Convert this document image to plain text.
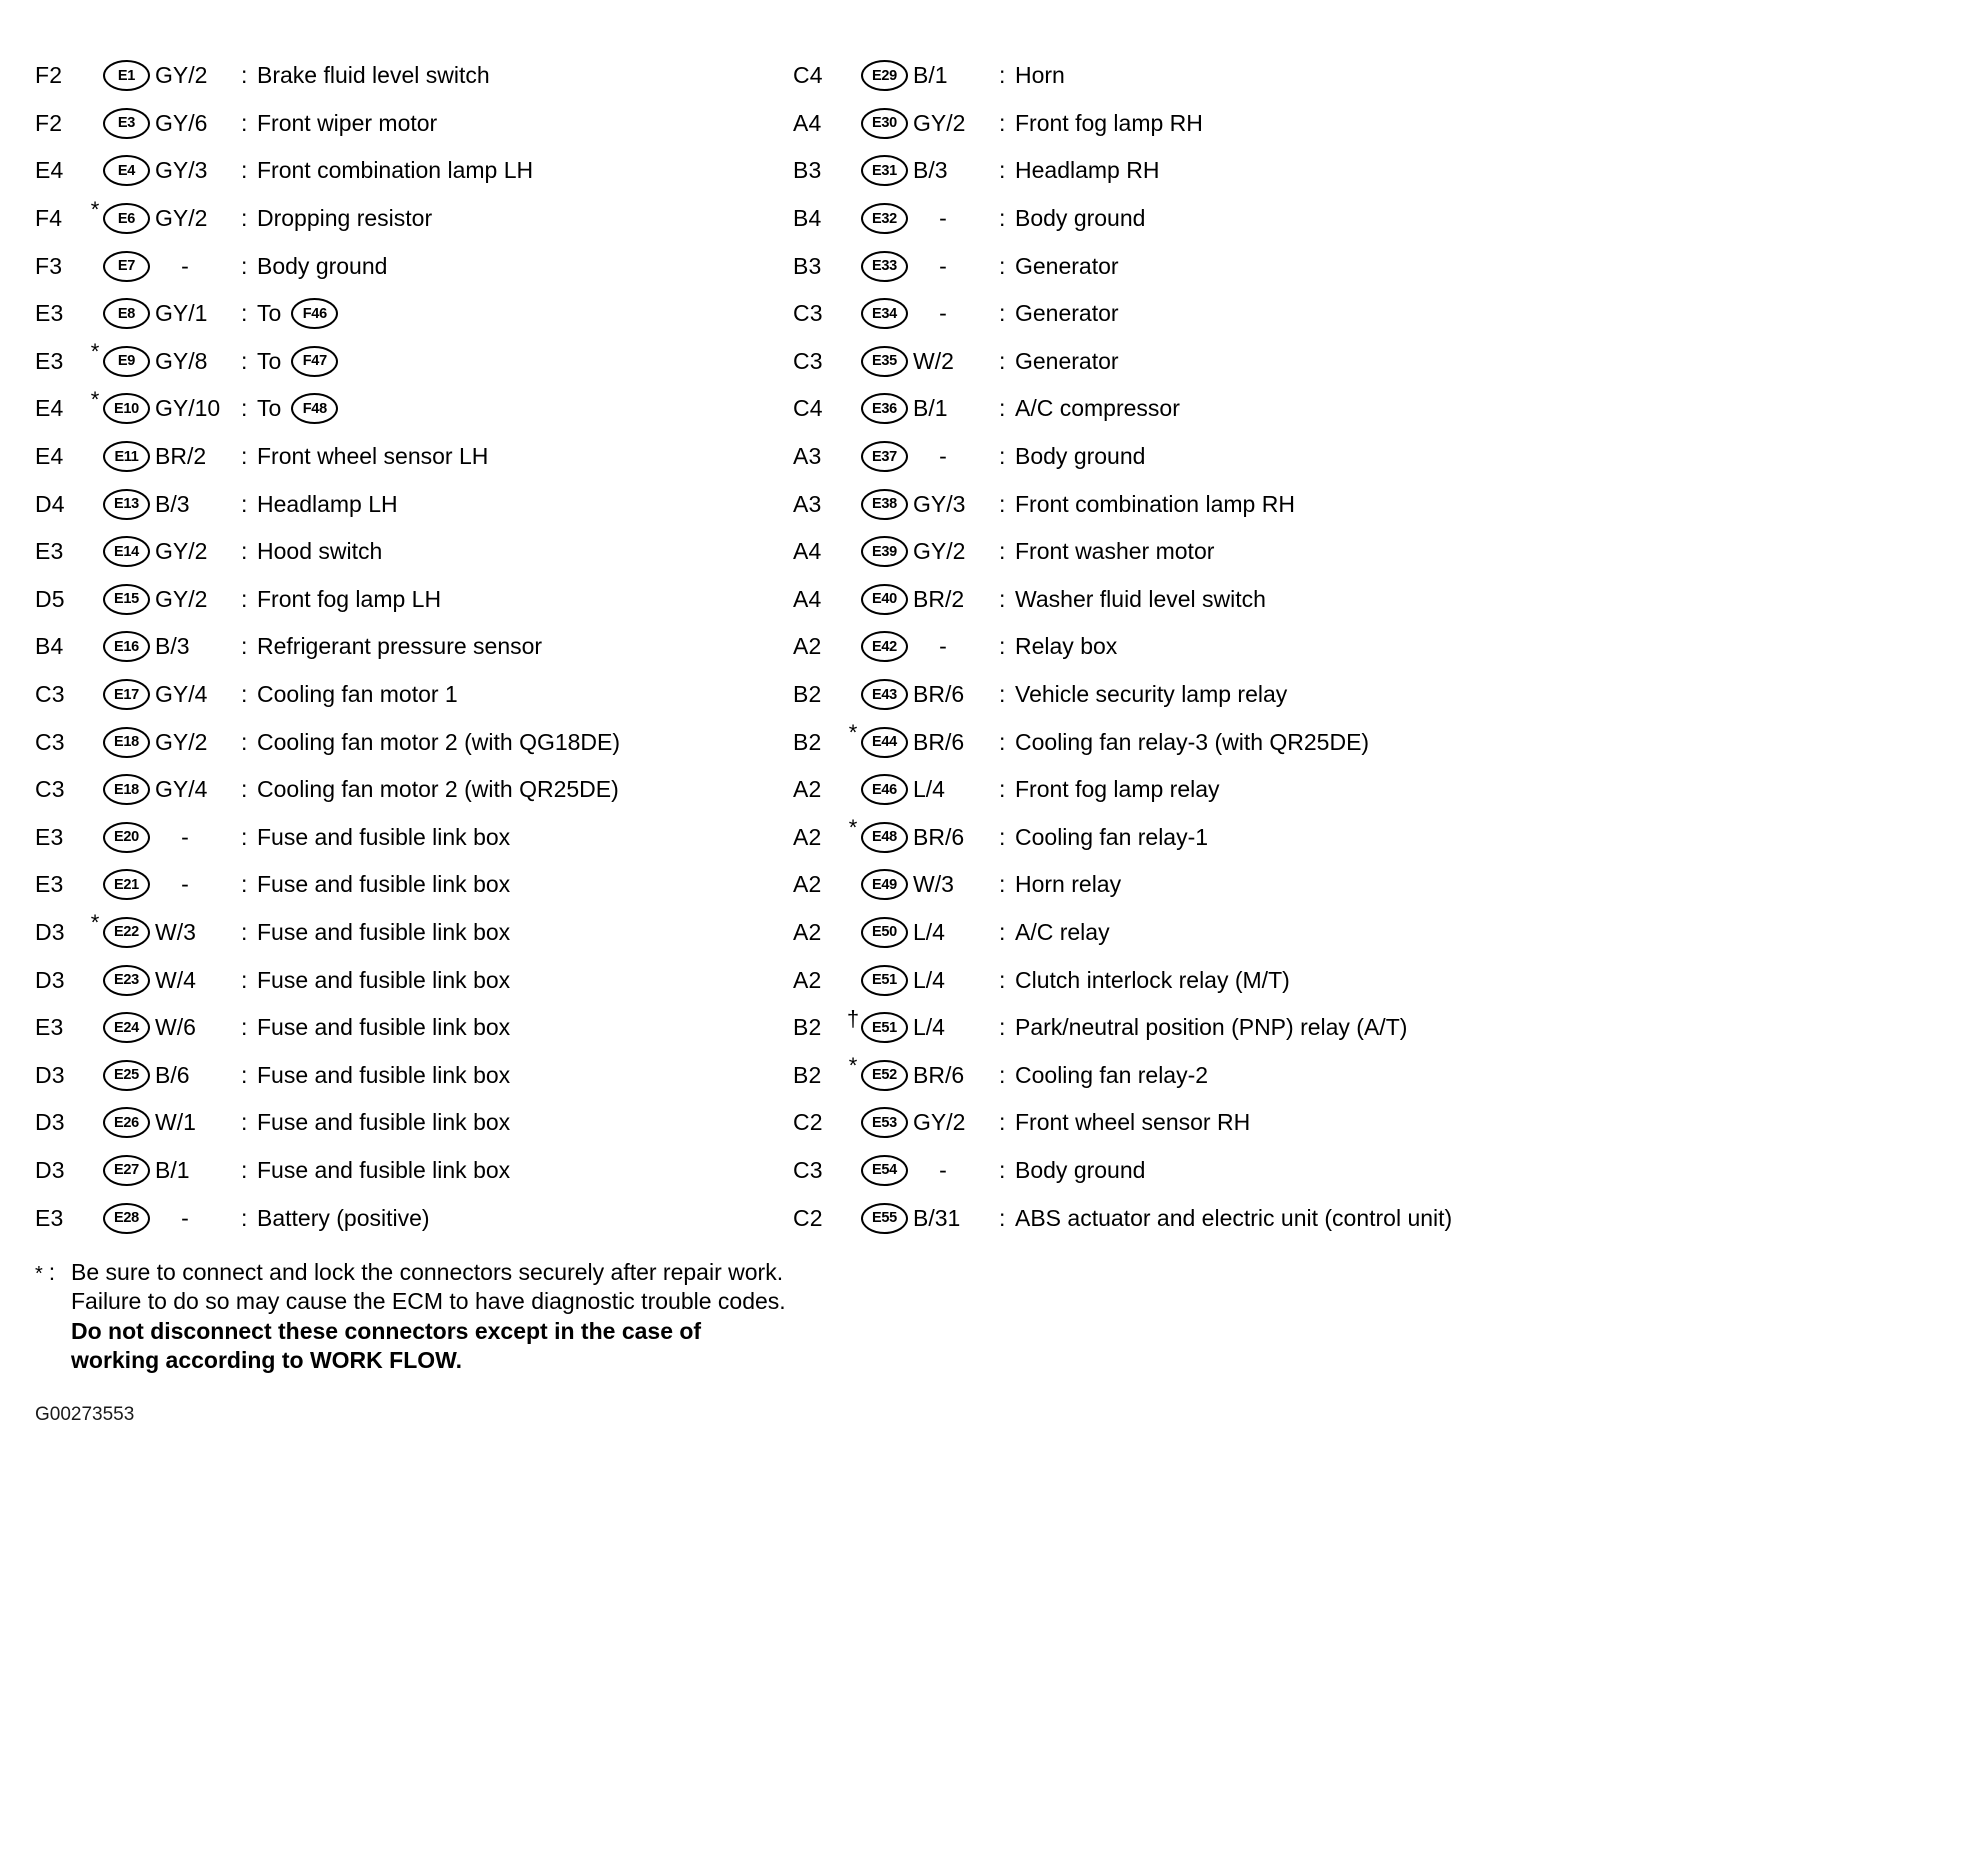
F2	E1 GY/2	: Brake fluid level switch
F2	E3 GY/6	: Front wiper motor
E4	E4 GY/3	: Front combination lamp LH
F4	* E6 GY/2	: Dropping resistor
F3	E7	-	: Body ground
E3	E8 GY/1	: To F46
E3	* E9 GY/8	: To F47
E4	* E10 GY/10 : To F48
E4	E11 BR/2	: Front wheel sensor LH
D4	E13 B/3	: Headlamp LH
E3	E14 GY/2	: Hood switch
D5	E15 GY/2	: Front fog lamp LH
B4	E16 B/3	: Refrigerant pressure sensor
C3	E17 GY/4	: Cooling fan motor 1
C3	E18 GY/2	: Cooling fan motor 2 (with QG18DE)
C3	E18 GY/4	: Cooling fan motor 2 (with QR25DE)
E3	E20	-	: Fuse and fusible link box
E3	E21	-	: Fuse and fusible link box
D3	* E22 W/3	: Fuse and fusible link box
D3	E23 W/4	: Fuse and fusible link box
E3	E24 W/6	: Fuse and fusible link box
D3	E25 B/6	: Fuse and fusible link box
D3	E26 W/1	: Fuse and fusible link box
D3	E27 B/1	: Fuse and fusible link box
E3	E28	-	: Battery (positive)
C4	E29 B/1	: Horn
A4	E30 GY/2	: Front fog lamp RH
B3	E31 B/3	: Headlamp RH
B4	E32	-	: Body ground
B3	E33	-	: Generator
C3	E34	-	: Generator
C3	E35 W/2	: Generator
C4	E36 B/1	: A/C compressor
A3	E37	-	: Body ground
A3	E38 GY/3	: Front combination lamp RH
A4	E39 GY/2	: Front washer motor
A4	E40 BR/2	: Washer fluid level switch
A2	E42	-	: Relay box
B2	E43 BR/6	: Vehicle security lamp relay
B2	* E44 BR/6	: Cooling fan relay-3 (with QR25DE)
A2	E46 L/4	: Front fog lamp relay
A2	* E48 BR/6	: Cooling fan relay-1
A2	E49 W/3	: Horn relay
A2	E50 L/4	: A/C relay
A2	E51 L/4	: Clutch interlock relay (M/T)
B2	† E51 L/4	: Park/neutral position (PNP) relay (A/T)
B2	* E52 BR/6	: Cooling fan relay-2
C2	E53 GY/2	: Front wheel sensor RH
C3	E54	-	: Body ground
C2	E55 B/31	: ABS actuator and electric unit (control unit)
* : Be sure to connect and lock the connectors securely after repair work. Failure to do so may cause the ECM to have diagnostic trouble codes.
Do not disconnect these connectors except in the case of working according to WORK FLOW.
G00273553
